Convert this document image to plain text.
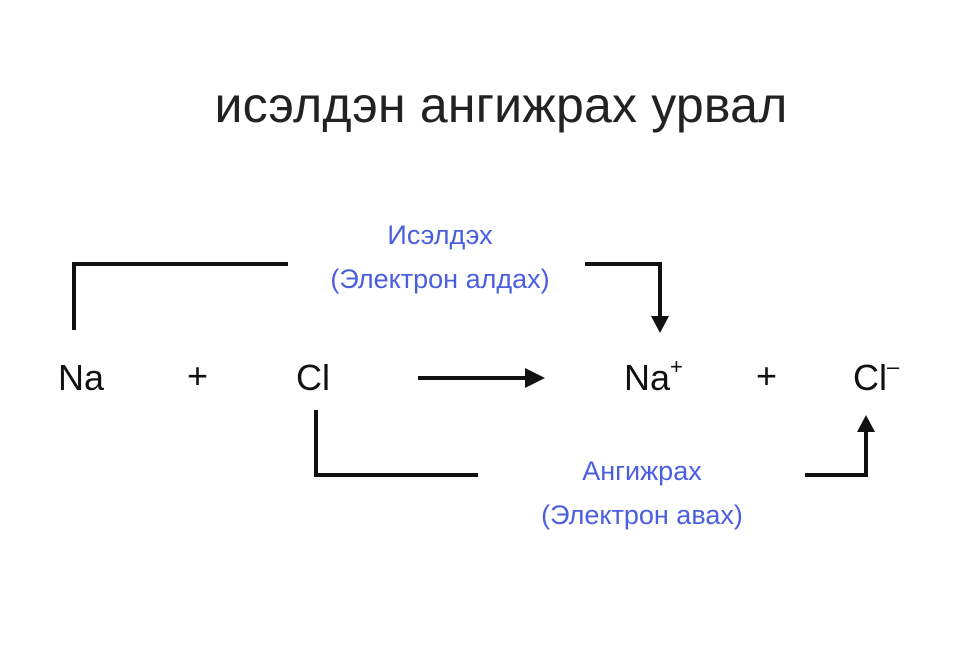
исэлдэн ангижрах урвал
Na + Cl	Na+ + Cl–
Исэлдэх
(Электрон алдах)
Ангижрах
(Электрон авах)
